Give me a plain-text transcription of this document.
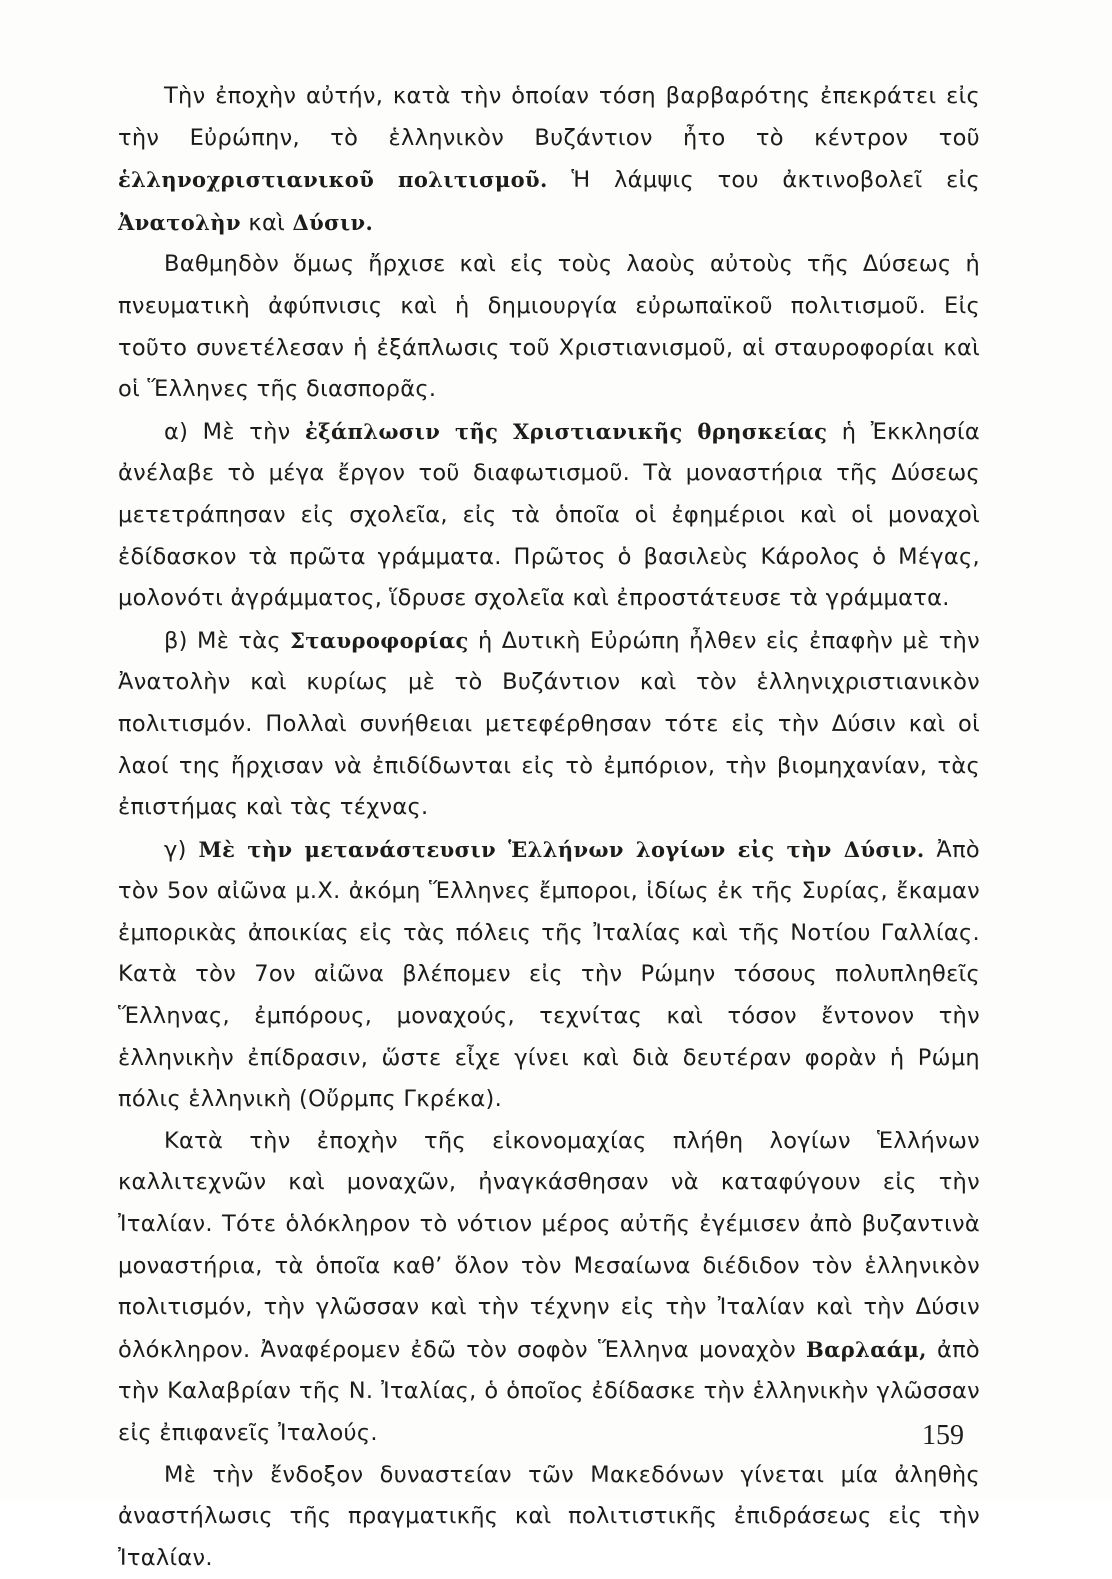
Τὴν ἐποχὴν αὐτήν, κατὰ τὴν ὁποίαν τόση βαρβαρότης ἐπεκράτει εἰς τὴν Εὐρώπην, τὸ ἑλληνικὸν Βυζάντιον ἦτο τὸ κέντρον τοῦ ἑλληνοχριστιανικοῦ πολιτισμοῦ. Ἡ λάμψις του ἀκτινοβολεῖ εἰς Ἀνατολὴν καὶ Δύσιν.

Βαθμηδὸν ὅμως ἤρχισε καὶ εἰς τοὺς λαοὺς αὐτοὺς τῆς Δύσεως ἡ πνευματικὴ ἀφύπνισις καὶ ἡ δημιουργία εὐρωπαϊκοῦ πολιτισμοῦ. Εἰς τοῦτο συνετέλεσαν ἡ ἐξάπλωσις τοῦ Χριστιανισμοῦ, αἱ σταυροφορίαι καὶ οἱ Ἕλληνες τῆς διασπορᾶς.

α) Μὲ τὴν ἐξάπλωσιν τῆς Χριστιανικῆς θρησκείας ἡ Ἐκκλησία ἀνέλαβε τὸ μέγα ἔργον τοῦ διαφωτισμοῦ. Τὰ μοναστήρια τῆς Δύσεως μετετράπησαν εἰς σχολεῖα, εἰς τὰ ὁποῖα οἱ ἐφημέριοι καὶ οἱ μοναχοὶ ἐδίδασκον τὰ πρῶτα γράμματα. Πρῶτος ὁ βασιλεὺς Κάρολος ὁ Μέγας, μολονότι ἀγράμματος, ἵδρυσε σχολεῖα καὶ ἐπροστάτευσε τὰ γράμματα.

β) Μὲ τὰς Σταυροφορίας ἡ Δυτικὴ Εὐρώπη ἦλθεν εἰς ἐπαφὴν μὲ τὴν Ἀνατολὴν καὶ κυρίως μὲ τὸ Βυζάντιον καὶ τὸν ἑλληνιχριστιανικὸν πολιτισμόν. Πολλαὶ συνήθειαι μετεφέρθησαν τότε εἰς τὴν Δύσιν καὶ οἱ λαοί της ἤρχισαν νὰ ἐπιδίδωνται εἰς τὸ ἐμπόριον, τὴν βιομηχανίαν, τὰς ἐπιστήμας καὶ τὰς τέχνας.

γ) Μὲ τὴν μετανάστευσιν Ἑλλήνων λογίων εἰς τὴν Δύσιν. Ἀπὸ τὸν 5ον αἰῶνα μ.Χ. ἀκόμη Ἕλληνες ἔμποροι, ἰδίως ἐκ τῆς Συρίας, ἔκαμαν ἐμπορικὰς ἀποικίας εἰς τὰς πόλεις τῆς Ἰταλίας καὶ τῆς Νοτίου Γαλλίας. Κατὰ τὸν 7ον αἰῶνα βλέπομεν εἰς τὴν Ρώμην τόσους πολυπληθεῖς Ἕλληνας, ἐμπόρους, μοναχούς, τεχνίτας καὶ τόσον ἔντονον τὴν ἑλληνικὴν ἐπίδρασιν, ὥστε εἶχε γίνει καὶ διὰ δευτέραν φορὰν ἡ Ρώμη πόλις ἑλληνικὴ (Οὔρμπς Γκρέκα).

Κατὰ τὴν ἐποχὴν τῆς εἰκονομαχίας πλήθη λογίων Ἑλλήνων καλλιτεχνῶν καὶ μοναχῶν, ἠναγκάσθησαν νὰ καταφύγουν εἰς τὴν Ἰταλίαν. Τότε ὁλόκληρον τὸ νότιον μέρος αὐτῆς ἐγέμισεν ἀπὸ βυζαντινὰ μοναστήρια, τὰ ὁποῖα καθ’ ὅλον τὸν Μεσαίωνα διέδιδον τὸν ἑλληνικὸν πολιτισμόν, τὴν γλῶσσαν καὶ τὴν τέχνην εἰς τὴν Ἰταλίαν καὶ τὴν Δύσιν ὁλόκληρον. Ἀναφέρομεν ἐδῶ τὸν σοφὸν Ἕλληνα μοναχὸν Βαρλαάμ, ἀπὸ τὴν Καλαβρίαν τῆς Ν. Ἰταλίας, ὁ ὁποῖος ἐδίδασκε τὴν ἑλληνικὴν γλῶσσαν εἰς ἐπιφανεῖς Ἰταλούς.

Μὲ τὴν ἔνδοξον δυναστείαν τῶν Μακεδόνων γίνεται μία ἀληθὴς ἀναστήλωσις τῆς πραγματικῆς καὶ πολιτιστικῆς ἐπιδράσεως εἰς τὴν Ἰταλίαν.

159
